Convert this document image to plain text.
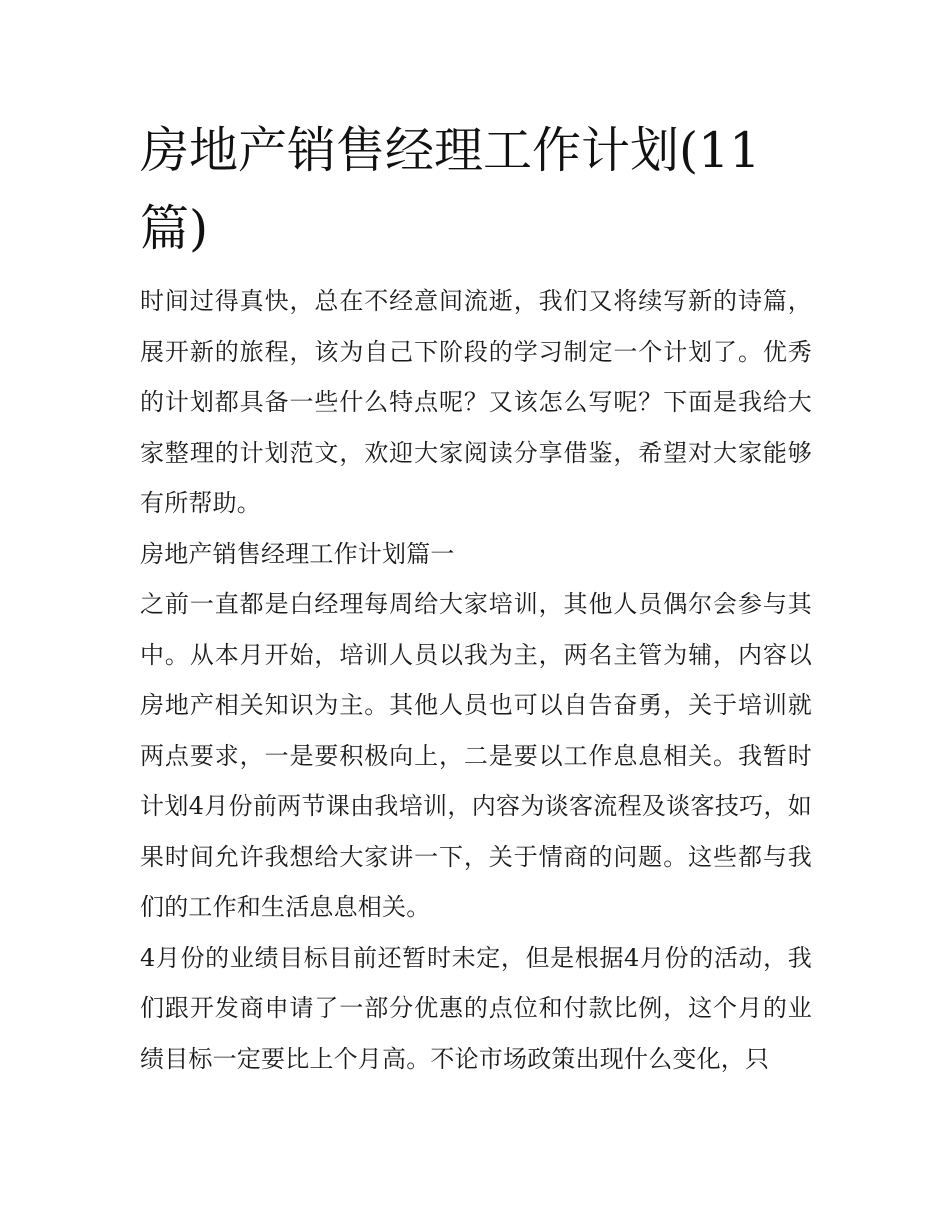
房地产销售经理工作计划(11篇)

时间过得真快，总在不经意间流逝，我们又将续写新的诗篇，展开新的旅程，该为自己下阶段的学习制定一个计划了。优秀的计划都具备一些什么特点呢？又该怎么写呢？下面是我给大家整理的计划范文，欢迎大家阅读分享借鉴，希望对大家能够有所帮助。

房地产销售经理工作计划篇一

之前一直都是白经理每周给大家培训，其他人员偶尔会参与其中。从本月开始，培训人员以我为主，两名主管为辅，内容以房地产相关知识为主。其他人员也可以自告奋勇，关于培训就两点要求，一是要积极向上，二是要以工作息息相关。我暂时计划4月份前两节课由我培训，内容为谈客流程及谈客技巧，如果时间允许我想给大家讲一下，关于情商的问题。这些都与我们的工作和生活息息相关。

4月份的业绩目标目前还暂时未定，但是根据4月份的活动，我们跟开发商申请了一部分优惠的点位和付款比例，这个月的业绩目标一定要比上个月高。不论市场政策出现什么变化，只
